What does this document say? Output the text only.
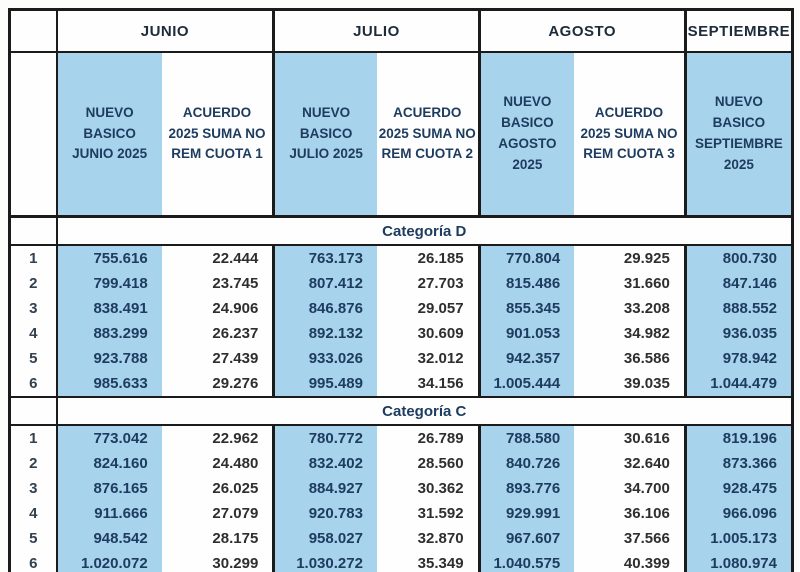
	JUNIO		JULIO		AGOSTO		SEPTIEMBRE

	NUEVO BASICO JUNIO 2025	ACUERDO 2025 SUMA NO REM CUOTA 1	NUEVO BASICO JULIO 2025	ACUERDO 2025 SUMA NO REM CUOTA 2	NUEVO BASICO AGOSTO 2025	ACUERDO 2025 SUMA NO REM CUOTA 3	NUEVO BASICO SEPTIEMBRE 2025

	Categoría D						
1	755.616	22.444	763.173	26.185	770.804	29.925	800.730
2	799.418	23.745	807.412	27.703	815.486	31.660	847.146
3	838.491	24.906	846.876	29.057	855.345	33.208	888.552
4	883.299	26.237	892.132	30.609	901.053	34.982	936.035
5	923.788	27.439	933.026	32.012	942.357	36.586	978.942
6	985.633	29.276	995.489	34.156	1.005.444	39.035	1.044.479
	Categoría C						
1	773.042	22.962	780.772	26.789	788.580	30.616	819.196
2	824.160	24.480	832.402	28.560	840.726	32.640	873.366
3	876.165	26.025	884.927	30.362	893.776	34.700	928.475
4	911.666	27.079	920.783	31.592	929.991	36.106	966.096
5	948.542	28.175	958.027	32.870	967.607	37.566	1.005.173
6	1.020.072	30.299	1.030.272	35.349	1.040.575	40.399	1.080.974
